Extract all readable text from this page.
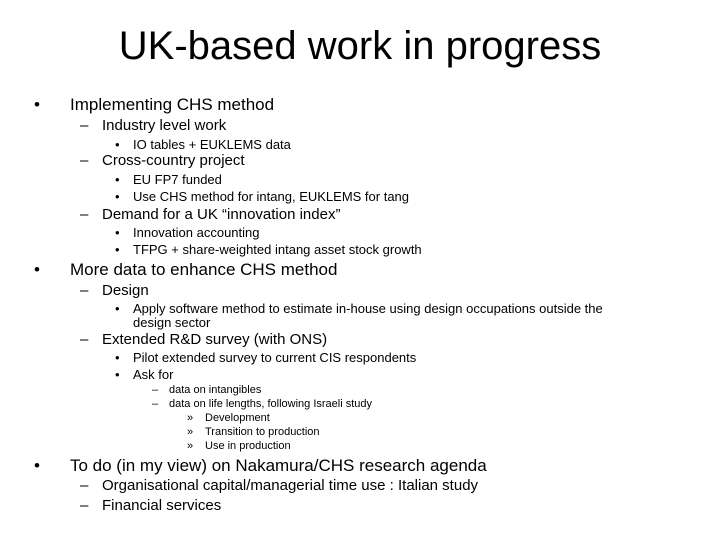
UK-based work in progress
• Implementing CHS method
– Industry level work
• IO tables + EUKLEMS data
– Cross-country project
• EU FP7 funded
• Use CHS method for intang, EUKLEMS for tang
– Demand for a UK “innovation index”
• Innovation accounting
• TFPG + share-weighted intang asset stock growth
• More data to enhance CHS method
– Design
• Apply software method to estimate in-house using design occupations outside the
design sector
– Extended R&D survey (with ONS)
• Pilot extended survey to current CIS respondents
• Ask for
– data on intangibles
– data on life lengths, following Israeli study
» Development
» Transition to production
» Use in production
• To do (in my view) on Nakamura/CHS research agenda
– Organisational capital/managerial time use : Italian study
– Financial services
